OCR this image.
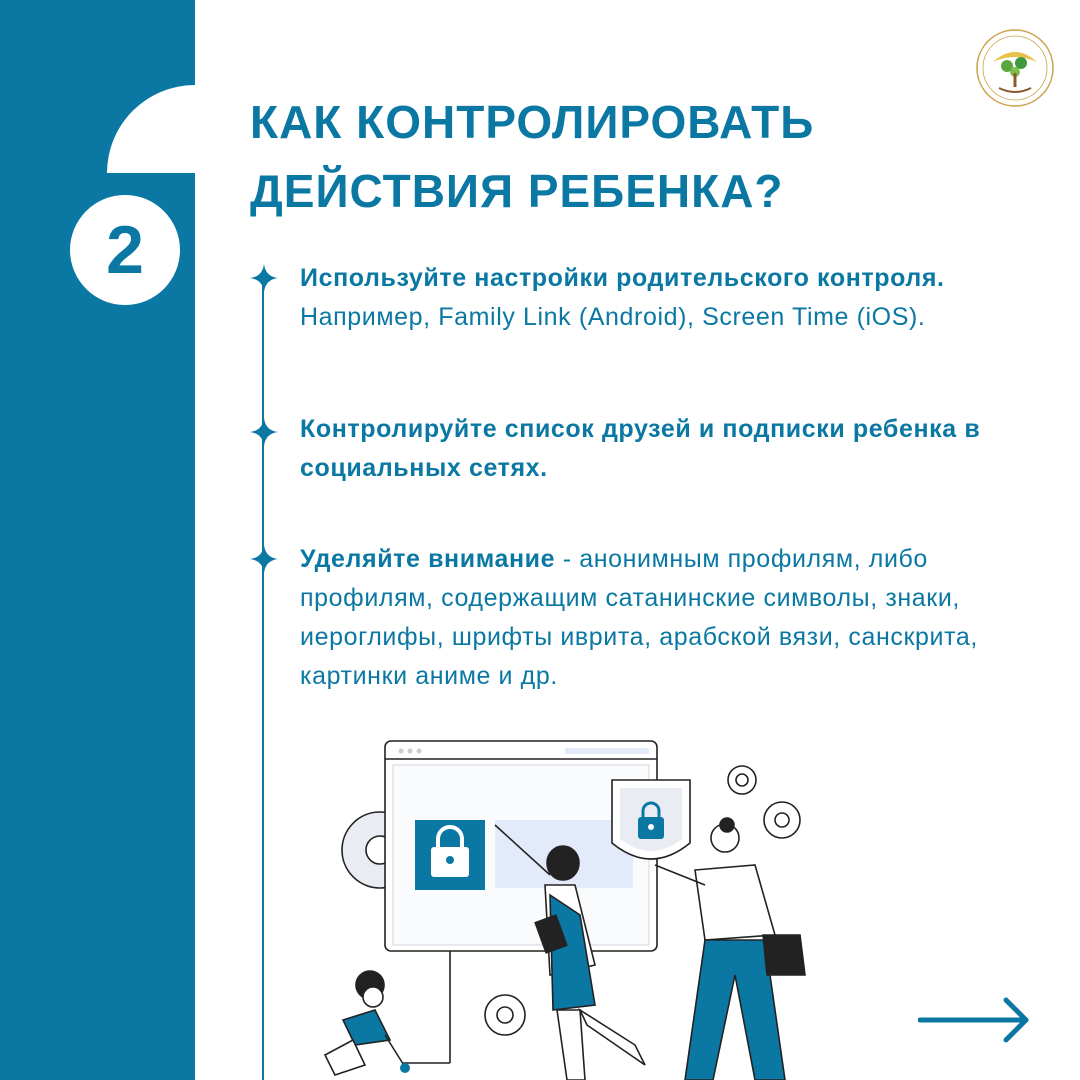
2
КАК КОНТРОЛИРОВАТЬ
ДЕЙСТВИЯ РЕБЕНКА?

Используйте настройки родительского контроля. Например, Family Link (Android), Screen Time (iOS).

Контролируйте список друзей и подписки ребенка в социальных сетях.

Уделяйте внимание - анонимным профилям, либо профилям, содержащим сатанинские символы, знаки, иероглифы, шрифты иврита, арабской вязи, санскрита, картинки аниме и др.
